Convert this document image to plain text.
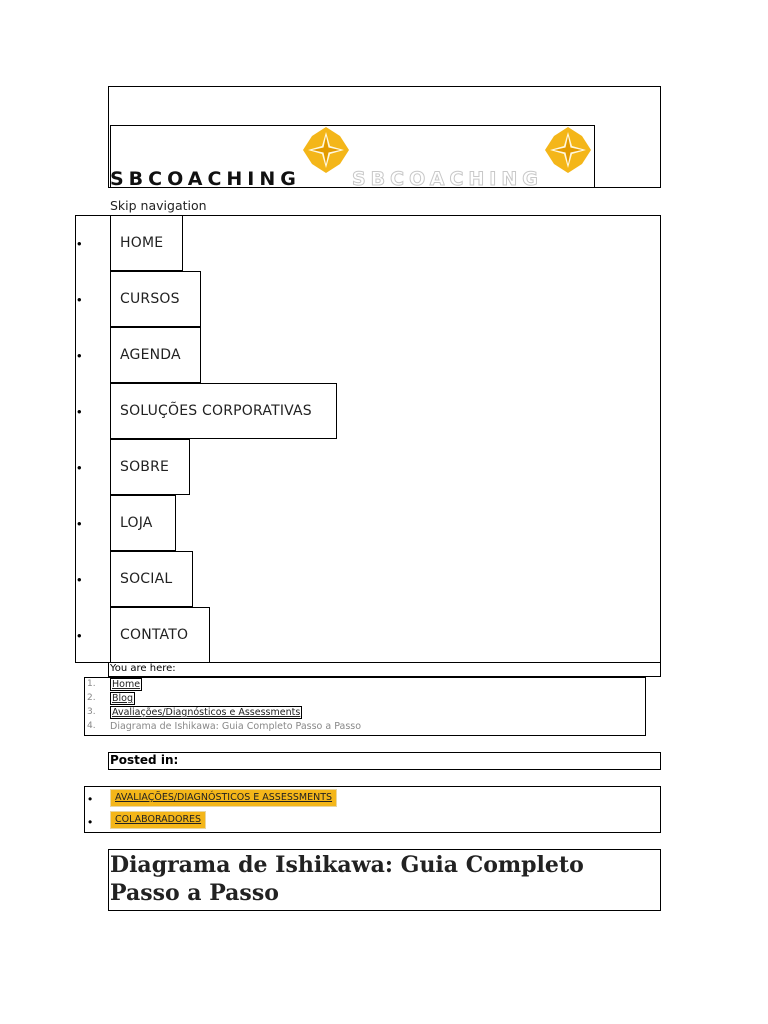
SBCOACHING	SBCOACHING
Skip navigation
•	HOME
•	CURSOS
•	AGENDA
•	SOLUÇÕES CORPORATIVAS
•	SOBRE
•	LOJA
•	SOCIAL
•	CONTATO
You are here:
1. Home
2. Blog
3. Avaliações/Diagnósticos e Assessments
4. Diagrama de Ishikawa: Guia Completo Passo a Passo
Posted in:
•	AVALIAÇÕES/DIAGNÓSTICOS E ASSESSMENTS
•	COLABORADORES
Diagrama de Ishikawa: Guia Completo Passo a Passo
